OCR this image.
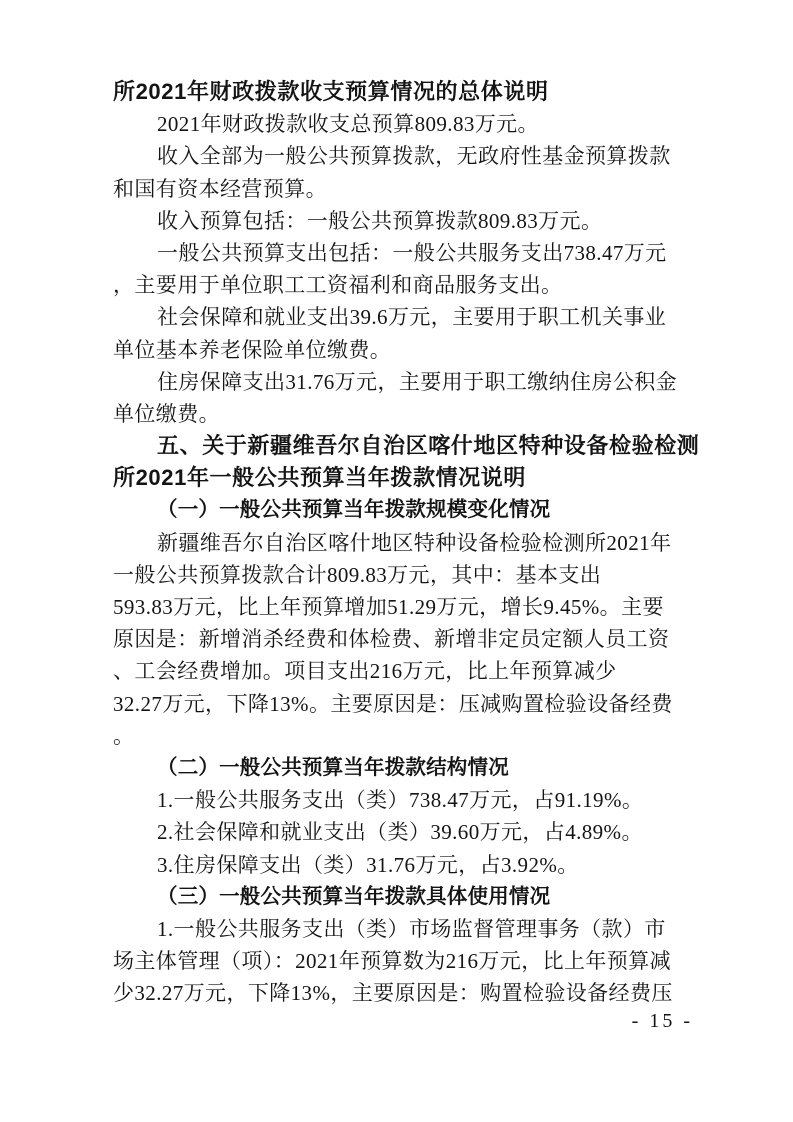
所2021年财政拨款收支预算情况的总体说明
2021年财政拨款收支总预算809.83万元。
收入全部为一般公共预算拨款，无政府性基金预算拨款
和国有资本经营预算。
收入预算包括：一般公共预算拨款809.83万元。
一般公共预算支出包括：一般公共服务支出738.47万元
，主要用于单位职工工资福利和商品服务支出。
社会保障和就业支出39.6万元，主要用于职工机关事业
单位基本养老保险单位缴费。
住房保障支出31.76万元，主要用于职工缴纳住房公积金
单位缴费。
五、关于新疆维吾尔自治区喀什地区特种设备检验检测
所2021年一般公共预算当年拨款情况说明
（一）一般公共预算当年拨款规模变化情况
新疆维吾尔自治区喀什地区特种设备检验检测所2021年
一般公共预算拨款合计809.83万元，其中：基本支出
593.83万元，比上年预算增加51.29万元，增长9.45%。主要
原因是：新增消杀经费和体检费、新增非定员定额人员工资
、工会经费增加。项目支出216万元，比上年预算减少
32.27万元，下降13%。主要原因是：压减购置检验设备经费
。
（二）一般公共预算当年拨款结构情况
1.一般公共服务支出（类）738.47万元，占91.19%。
2.社会保障和就业支出（类）39.60万元，占4.89%。
3.住房保障支出（类）31.76万元，占3.92%。
（三）一般公共预算当年拨款具体使用情况
1.一般公共服务支出（类）市场监督管理事务（款）市
场主体管理（项）：2021年预算数为216万元，比上年预算减
少32.27万元，下降13%，主要原因是：购置检验设备经费压
- 15 -
